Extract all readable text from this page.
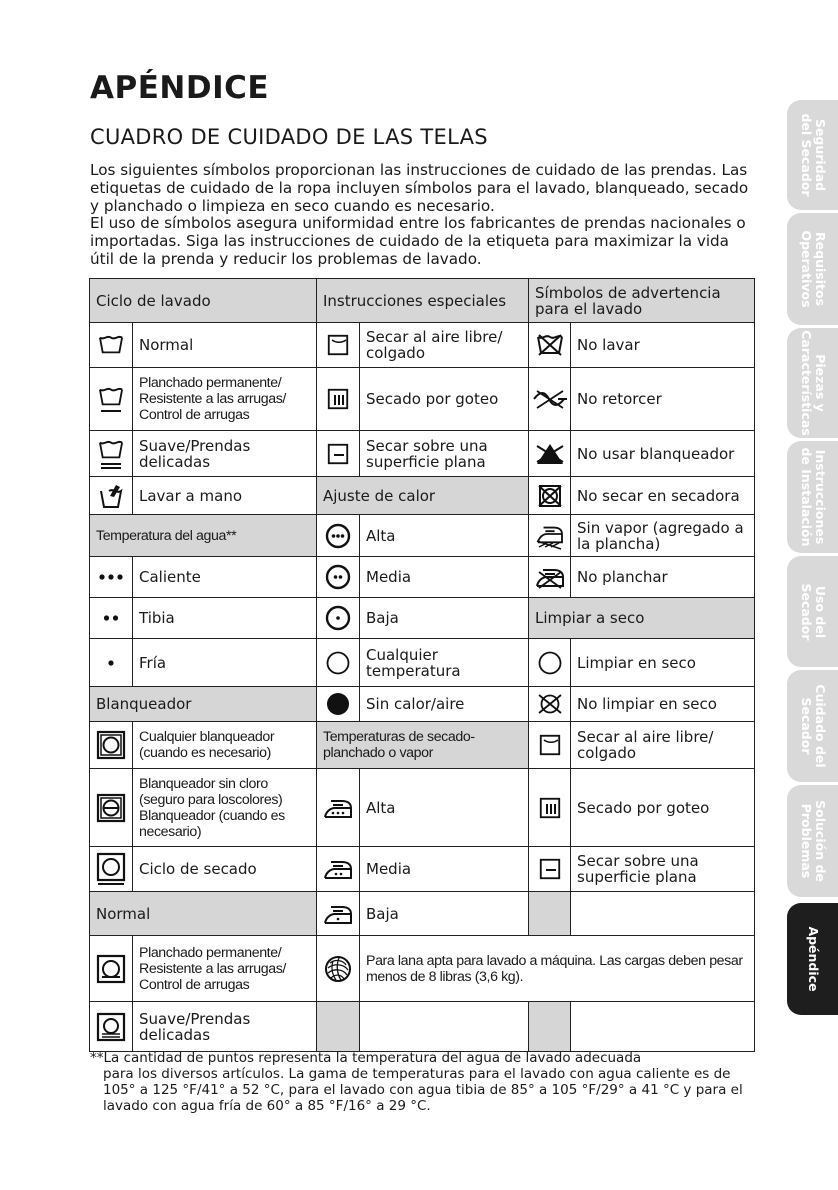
APÉNDICE
CUADRO DE CUIDADO DE LAS TELAS

Los siguientes símbolos proporcionan las instrucciones de cuidado de las prendas. Las etiquetas de cuidado de la ropa incluyen símbolos para el lavado, blanqueado, secado y planchado o limpieza en seco cuando es necesario.

El uso de símbolos asegura uniformidad entre los fabricantes de prendas nacionales o importadas. Siga las instrucciones de cuidado de la etiqueta para maximizar la vida útil de la prenda y reducir los problemas de lavado.

Ciclo de lavado		Instrucciones especiales		Símbolos de advertencia para el lavado	

	Normal		Secar al aire libre/ colgado		No lavar

	Planchado permanente/ Resistente a las arrugas/ Control de arrugas		Secado por goteo		No retorcer

	Suave/Prendas delicadas		Secar sobre una superficie plana		No usar blanqueador

	Lavar a mano	Ajuste de calor			No secar en secadora
Temperatura del agua**			Alta		Sin vapor (agregado a la plancha)

	Caliente		Media		No planchar

	Tibia		Baja	Limpiar a seco	

	Fría		Cualquier temperatura		Limpiar en seco
Blanqueador			Sin calor/aire		No limpiar en seco

	Cualquier blanqueador (cuando es necesario)	Temperaturas de secado- planchado o vapor			Secar al aire libre/ colgado

	Blanqueador sin cloro (seguro para loscolores) Blanqueador (cuando es necesario)		Alta		Secado por goteo

	Ciclo de secado		Media		Secar sobre una superficie plana
Normal			Baja		

	Planchado permanente/ Resistente a las arrugas/ Control de arrugas		Para lana apta para lavado a máquina. Las cargas deben pesar menos de 8 libras (3,6 kg).		

	Suave/Prendas delicadas				
**La cantidad de puntos representa la temperatura del agua de lavado adecuada
para los diversos artículos. La gama de temperaturas para el lavado con agua caliente es de 105° a 125 °F/41° a 52 °C, para el lavado con agua tibia de 85° a 105 °F/29° a 41 °C y para el lavado con agua fría de 60° a 85 °F/16° a 29 °C.
Seguridad
del Secador
Requisitos
Operativos
Piezas y
Características
Instrucciones
de Instalación
Uso del
Secador
Cuidado del
Secador
Solución de
Problemas
Apéndice
